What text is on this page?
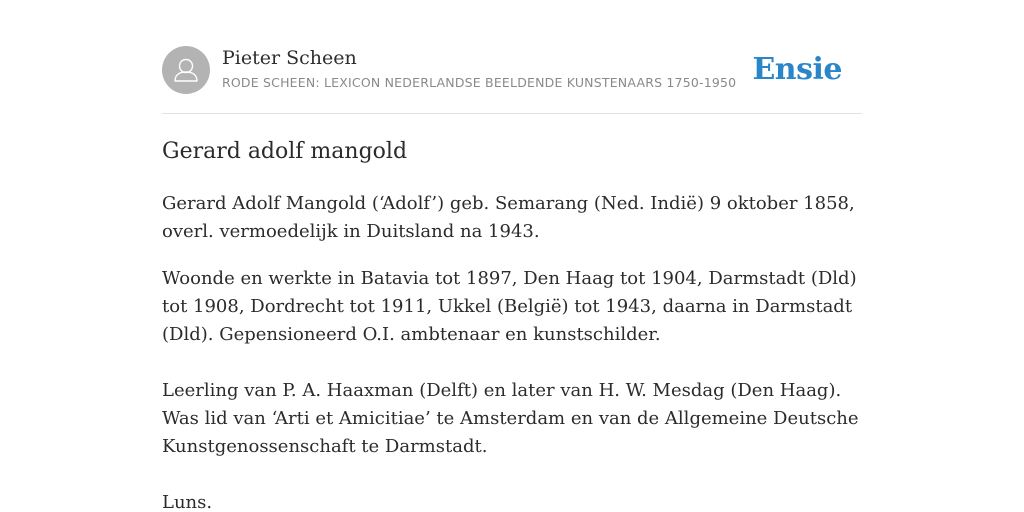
Pieter Scheen
RODE SCHEEN: LEXICON NEDERLANDSE BEELDENDE KUNSTENAARS 1750-1950 Ensie
Gerard adolf mangold

Gerard Adolf Mangold (‘Adolf’) geb. Semarang (Ned. Indië) 9 oktober 1858, overl. vermoedelijk in Duitsland na 1943.

Woonde en werkte in Batavia tot 1897, Den Haag tot 1904, Darmstadt (Dld) tot 1908, Dordrecht tot 1911, Ukkel (België) tot 1943, daarna in Darmstadt (Dld). Gepensioneerd O.I. ambtenaar en kunstschilder.

Leerling van P. A. Haaxman (Delft) en later van H. W. Mesdag (Den Haag). Was lid van ‘Arti et Amicitiae’ te Amsterdam en van de Allgemeine Deutsche Kunstgenossenschaft te Darmstadt.

Luns.
